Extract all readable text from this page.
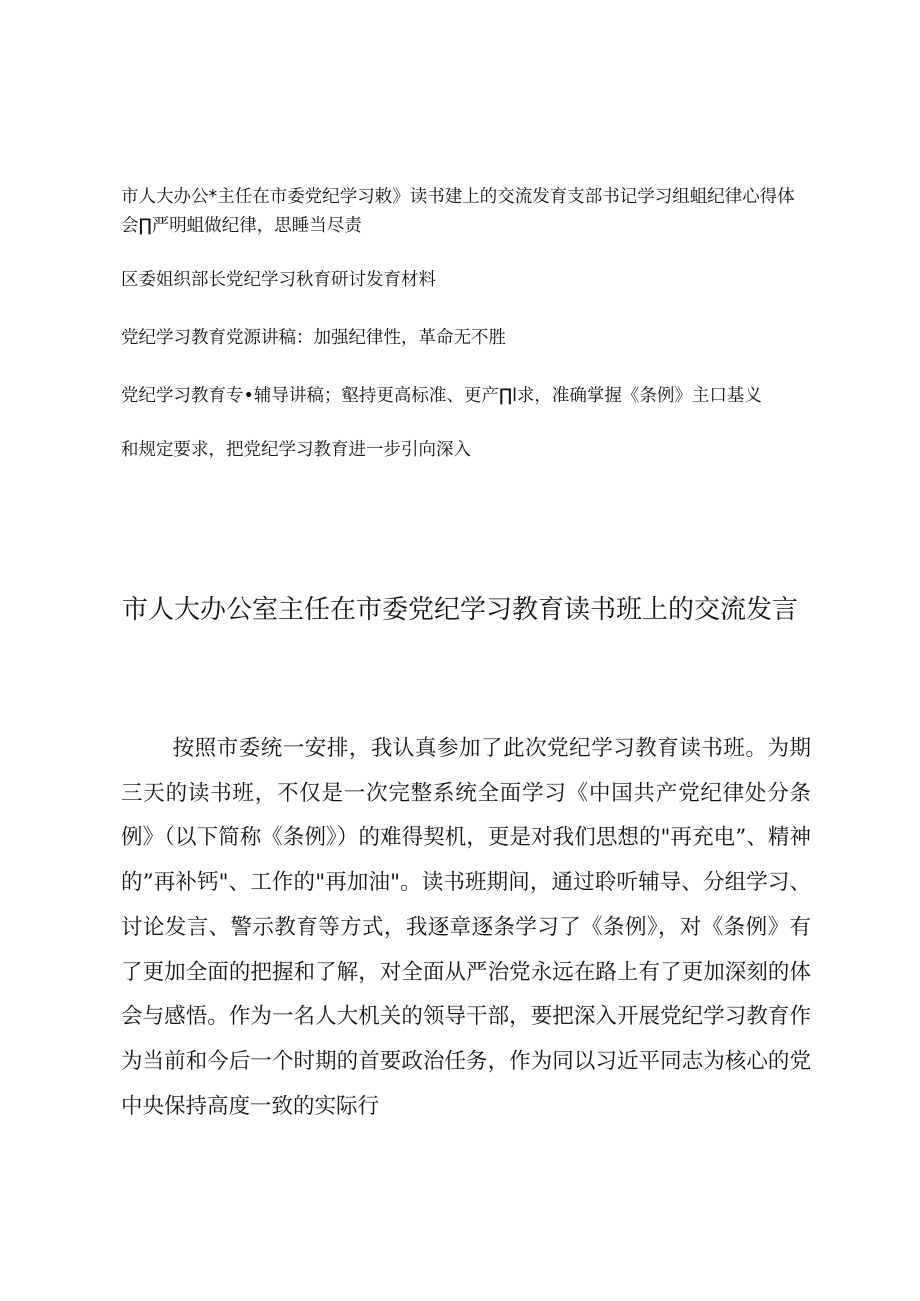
市人大办公*主任在市委党纪学习敕》读书建上的交流发育支部书记学习组蛆纪律心得体会∏严明蛆做纪律，思睡当尽责

区委姐织部长党纪学习秋育研讨发育材料

党纪学习教育党源讲稿：加强纪律性，革命无不胜

党纪学习教育专•辅导讲稿；壑持更高标准、更产∏l求，准确掌握《条例》主口基义

和规定要求，把党纪学习教育进一步引向深入

市人大办公室主任在市委党纪学习教育读书班上的交流发言

按照市委统一安排，我认真参加了此次党纪学习教育读书班。为期三天的读书班，不仅是一次完整系统全面学习《中国共产党纪律处分条例》（以下简称《条例》）的难得契机，更是对我们思想的"再充电”、精神的”再补钙"、工作的"再加油"。读书班期间，通过聆听辅导、分组学习、讨论发言、警示教育等方式，我逐章逐条学习了《条例》，对《条例》有了更加全面的把握和了解，对全面从严治党永远在路上有了更加深刻的体会与感悟。作为一名人大机关的领导干部，要把深入开展党纪学习教育作为当前和今后一个时期的首要政治任务，作为同以习近平同志为核心的党中央保持高度一致的实际行
